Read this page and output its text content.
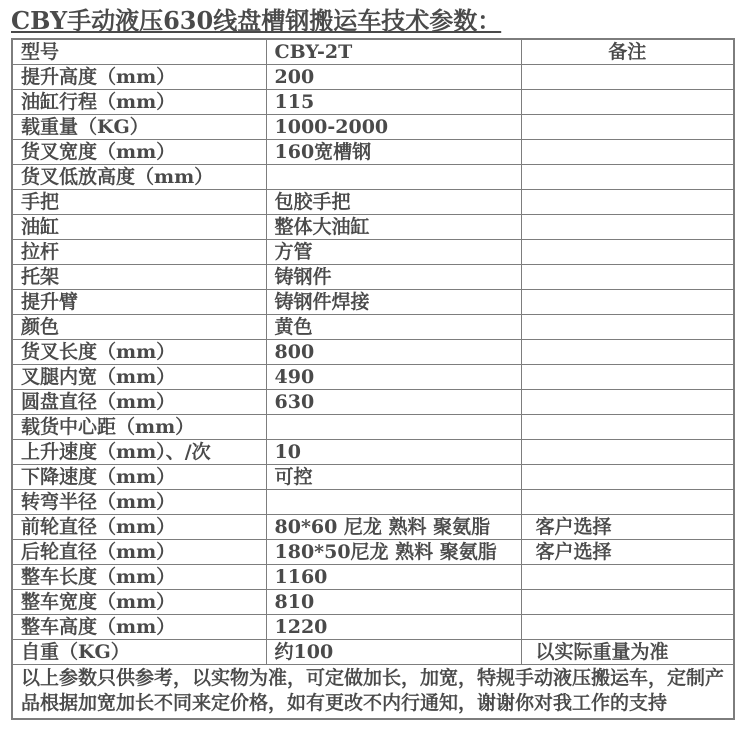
CBY手动液压630线盘槽钢搬运车技术参数：
型号	CBY-2T	备注
提升高度（mm）	200	
油缸行程（mm）	115	
载重量（KG）	1000-2000	
货叉宽度（mm）	160宽槽钢	
货叉低放高度（mm）		
手把	包胶手把	
油缸	整体大油缸	
拉杆	方管	
托架	铸钢件	
提升臂	铸钢件焊接	
颜色	黄色	
货叉长度（mm）	800	
叉腿内宽（mm）	490	
圆盘直径（mm）	630	
载货中心距（mm）		
上升速度（mm）、/次	10	
下降速度（mm）	可控	
转弯半径（mm）		
前轮直径（mm）	80*60 尼龙 熟料 聚氨脂	客户选择
后轮直径（mm）	180*50尼龙 熟料 聚氨脂	客户选择
整车长度（mm）	1160	
整车宽度（mm）	810	
整车高度（mm）	1220	
自重（KG）	约100	以实际重量为准
以上参数只供参考，以实物为准，可定做加长，加宽，特规手动液压搬运车，定制产品根据加宽加长不同来定价格，如有更改不内行通知，谢谢你对我工作的支持		
